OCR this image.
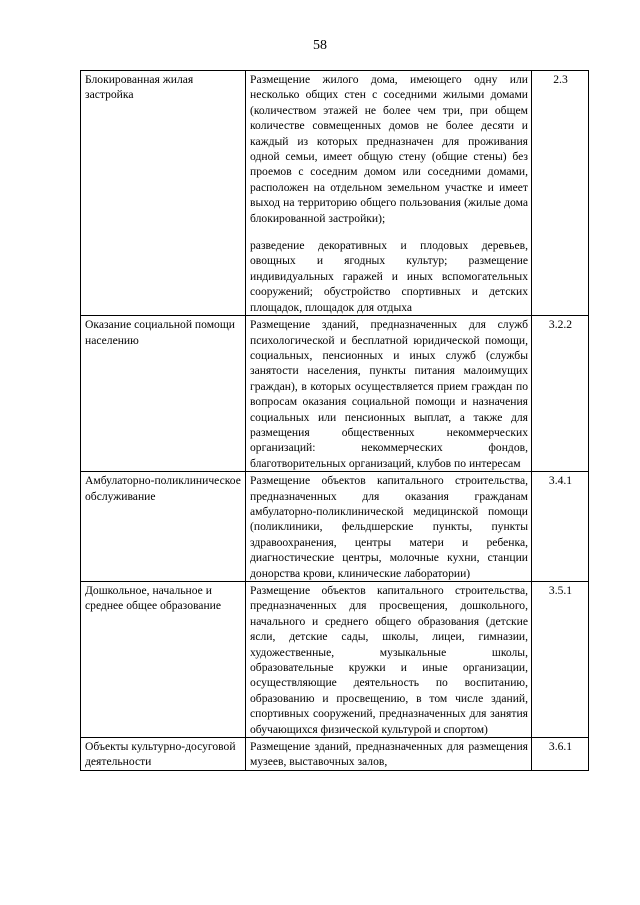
58
Блокированная жилая застройка	Размещение жилого дома, имеющего одну или несколько общих стен с соседними жилыми домами (количеством этажей не более чем три, при общем количестве совмещенных домов не более десяти и каждый из которых предназначен для проживания одной семьи, имеет общую стену (общие стены) без проемов с соседним домом или соседними домами, расположен на отдельном земельном участке и имеет выход на территорию общего пользования (жилые дома блокированной застройки);

разведение декоративных и плодовых деревьев, овощных и ягодных культур; размещение индивидуальных гаражей и иных вспомогательных сооружений; обустройство спортивных и детских площадок, площадок для отдыха	2.3
Оказание социальной помощи населению	Размещение зданий, предназначенных для служб психологической и бесплатной юридической помощи, социальных, пенсионных и иных служб (службы занятости населения, пункты питания малоимущих граждан), в которых осуществляется прием граждан по вопросам оказания социальной помощи и назначения социальных или пенсионных выплат, а также для размещения общественных некоммерческих организаций: некоммерческих фондов, благотворительных организаций, клубов по интересам	3.2.2
Амбулаторно-поликлиническое обслуживание	Размещение объектов капитального строительства, предназначенных для оказания гражданам амбулаторно-поликлинической медицинской помощи (поликлиники, фельдшерские пункты, пункты здравоохранения, центры матери и ребенка, диагностические центры, молочные кухни, станции донорства крови, клинические лаборатории)	3.4.1
Дошкольное, начальное и среднее общее образование	Размещение объектов капитального строительства, предназначенных для просвещения, дошкольного, начального и среднего общего образования (детские ясли, детские сады, школы, лицеи, гимназии, художественные, музыкальные школы, образовательные кружки и иные организации, осуществляющие деятельность по воспитанию, образованию и просвещению, в том числе зданий, спортивных сооружений, предназначенных для занятия обучающихся физической культурой и спортом)	3.5.1
Объекты культурно-досуговой деятельности	Размещение зданий, предназначенных для размещения музеев, выставочных залов,	3.6.1
